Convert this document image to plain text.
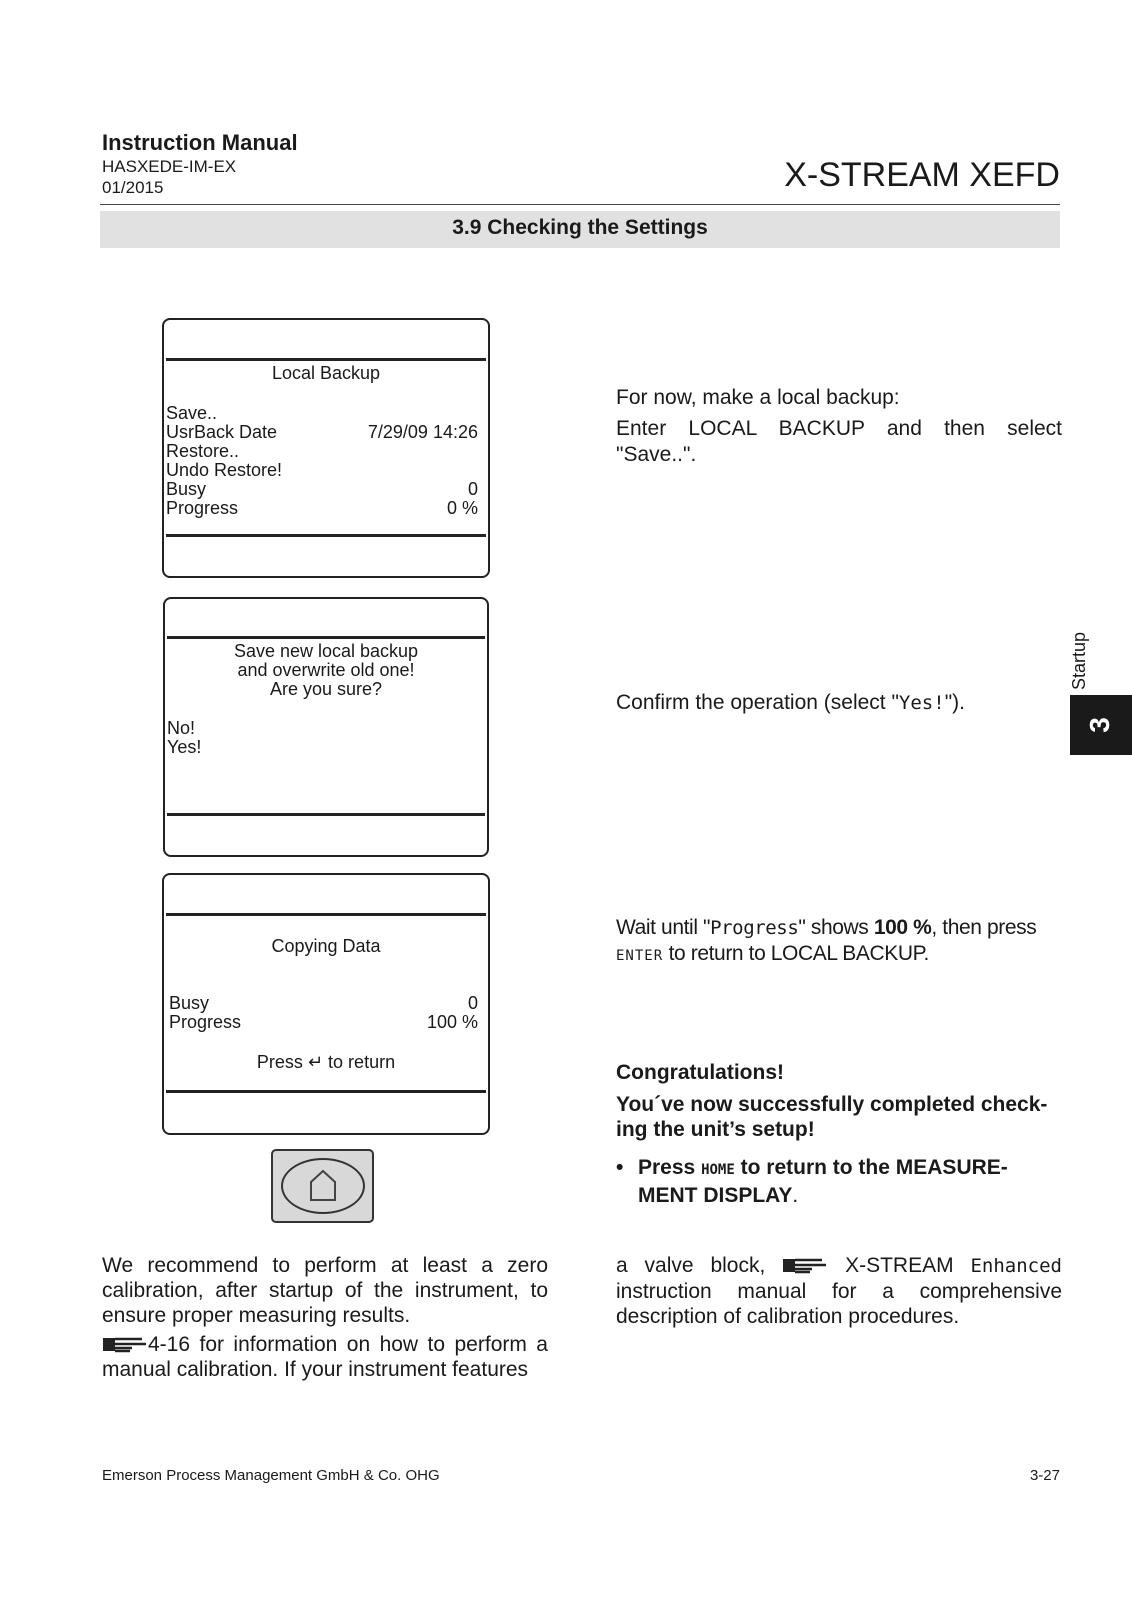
Instruction Manual
HASXEDE-IM-EX
01/2015	X-STREAM XEFD
3.9 Checking the Settings
Startup
3
Local Backup
Save..
UsrBack Date	7/29/09 14:26
Restore..
Undo Restore!
Busy	0
Progress	0 %
Save new local backup
and overwrite old one!
Are you sure?
No!
Yes!
Copying Data
Busy	0
Progress	100 %
Press ↵ to return
For now, make a local backup:
Enter LOCAL BACKUP and then select "Save..".
Confirm the operation (select "Yes!").
Wait until "Progress" shows 100 %, then press
ENTER to return to LOCAL BACKUP.
Congratulations!
You´ve now successfully completed check-
ing the unit’s setup!
• Press HOME to return to the MEASURE-
MENT DISPLAY.
We recommend to perform at least a zero calibration, after startup of the instrument, to ensure proper measuring results.
4-16 for information on how to perform a manual calibration. If your instrument features
a valve block,  X-STREAM Enhanced instruction manual for a comprehensive description of calibration procedures.
Emerson Process Management GmbH & Co. OHG	3-27
